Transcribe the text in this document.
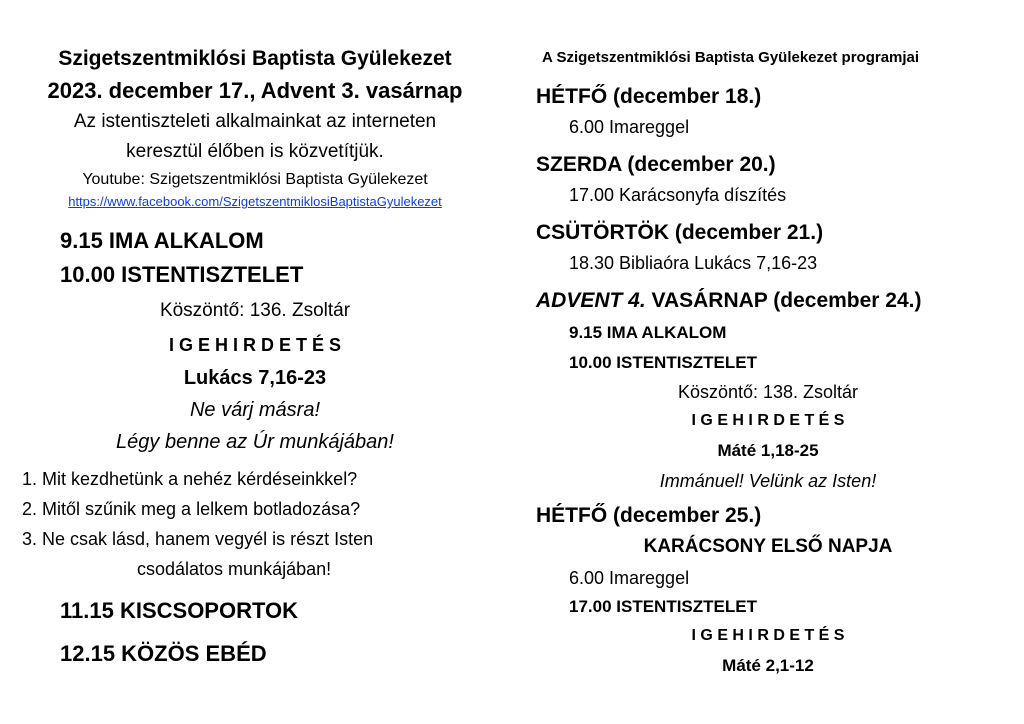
Szigetszentmiklósi Baptista Gyülekezet
2023. december 17., Advent 3. vasárnap
Az istentiszteleti alkalmainkat az interneten
keresztül élőben is közvetítjük.
Youtube: Szigetszentmiklósi Baptista Gyülekezet
https://www.facebook.com/SzigetszentmiklosiBaptistaGyulekezet
9.15 IMA ALKALOM
10.00 ISTENTISZTELET
Köszöntő: 136. Zsoltár
I G E H I R D E T É S
Lukács 7,16-23
Ne várj másra!
Légy benne az Úr munkájában!
1. Mit kezdhetünk a nehéz kérdéseinkkel?
2. Mitől szűnik meg a lelkem botladozása?
3. Ne csak lásd, hanem vegyél is részt Isten
csodálatos munkájában!
11.15 KISCSOPORTOK
12.15 KÖZÖS EBÉD
A Szigetszentmiklósi Baptista Gyülekezet programjai
HÉTFŐ (december 18.)
6.00 Imareggel
SZERDA (december 20.)
17.00 Karácsonyfa díszítés
CSÜTÖRTÖK (december 21.)
18.30 Bibliaóra Lukács 7,16-23
ADVENT 4. VASÁRNAP (december 24.)
9.15 IMA ALKALOM
10.00 ISTENTISZTELET
Köszöntő: 138. Zsoltár
I G E H I R D E T É S
Máté 1,18-25
Immánuel! Velünk az Isten!
HÉTFŐ (december 25.)
KARÁCSONY ELSŐ NAPJA
6.00 Imareggel
17.00 ISTENTISZTELET
I G E H I R D E T É S
Máté 2,1-12
